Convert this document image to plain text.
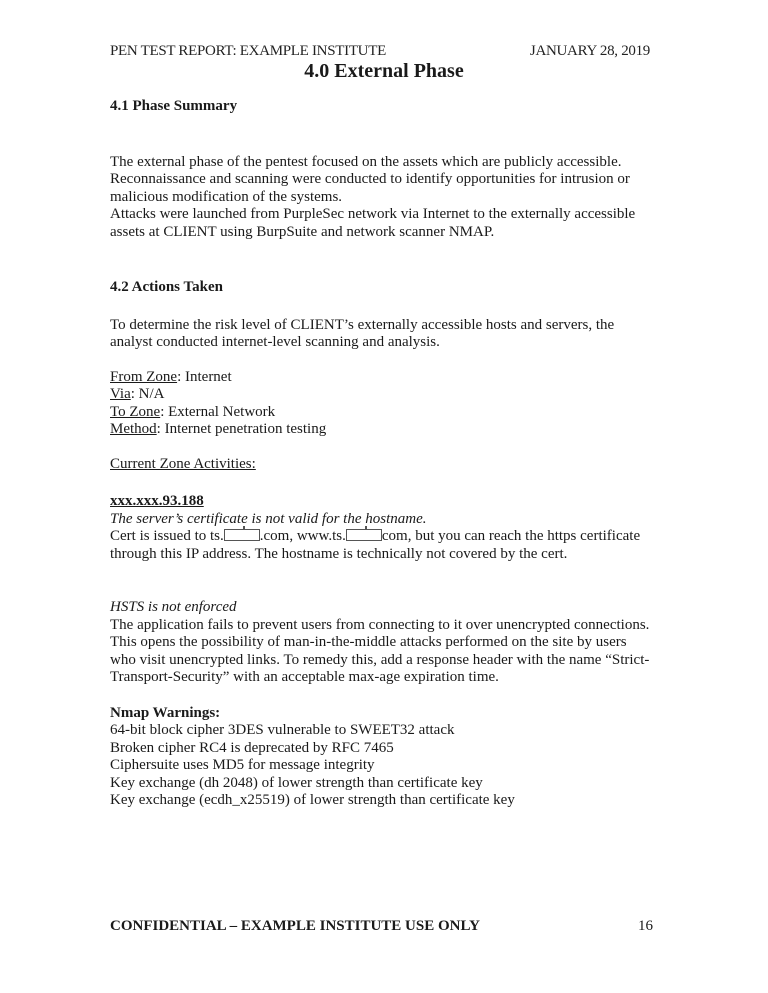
PEN TEST REPORT: EXAMPLE INSTITUTE	JANUARY 28, 2019
4.0 External Phase

4.1 Phase Summary

The external phase of the pentest focused on the assets which are publicly accessible. Reconnaissance and scanning were conducted to identify opportunities for intrusion or malicious modification of the systems.

Attacks were launched from PurpleSec network via Internet to the externally accessible assets at CLIENT using BurpSuite and network scanner NMAP.

4.2 Actions Taken

To determine the risk level of CLIENT’s externally accessible hosts and servers, the analyst conducted internet-level scanning and analysis.

From Zone: Internet

Via: N/A

To Zone: External Network

Method: Internet penetration testing

Current Zone Activities:

xxx.xxx.93.188

The server’s certificate is not valid for the hostname.

Cert is issued to ts. .com, www.ts. com, but you can reach the https certificate through this IP address. The hostname is technically not covered by the cert.

HSTS is not enforced

The application fails to prevent users from connecting to it over unencrypted connections. This opens the possibility of man-in-the-middle attacks performed on the site by users who visit unencrypted links. To remedy this, add a response header with the name “Strict-Transport-Security” with an acceptable max-age expiration time.

Nmap Warnings:

64-bit block cipher 3DES vulnerable to SWEET32 attack

Broken cipher RC4 is deprecated by RFC 7465

Ciphersuite uses MD5 for message integrity

Key exchange (dh 2048) of lower strength than certificate key

Key exchange (ecdh_x25519) of lower strength than certificate key

CONFIDENTIAL – EXAMPLE INSTITUTE USE ONLY	16
